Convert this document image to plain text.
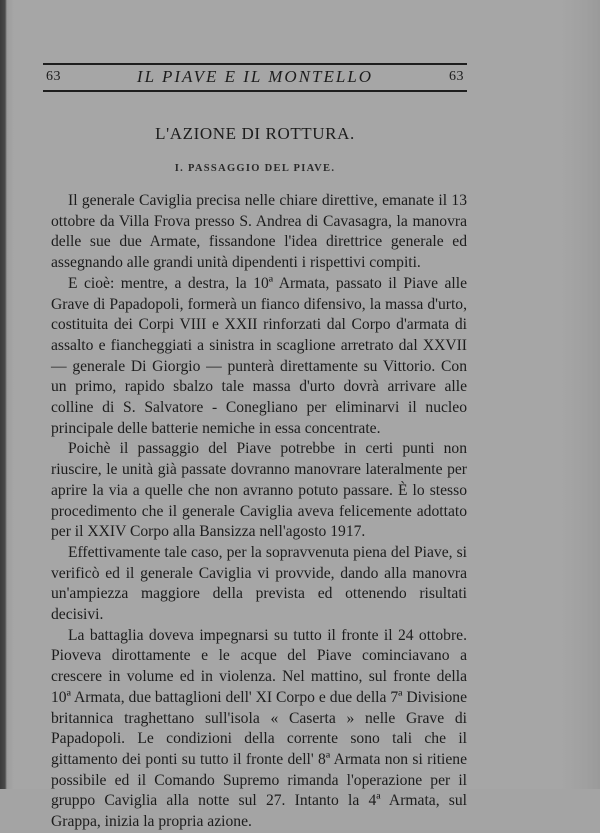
63	IL PIAVE E IL MONTELLO	63
L'AZIONE DI ROTTURA.
I. PASSAGGIO DEL PIAVE.

Il generale Caviglia precisa nelle chiare direttive, emanate il 13 ottobre da Villa Frova presso S. Andrea di Cavasagra, la manovra delle sue due Armate, fissandone l'idea direttrice generale ed assegnando alle grandi unità dipendenti i rispettivi compiti.

E cioè: mentre, a destra, la 10ª Armata, passato il Piave alle Grave di Papadopoli, formerà un fianco difensivo, la massa d'urto, costituita dei Corpi VIII e XXII rinforzati dal Corpo d'armata di assalto e fiancheggiati a sinistra in scaglione arretrato dal XXVII — generale Di Giorgio — punterà direttamente su Vittorio. Con un primo, rapido sbalzo tale massa d'urto dovrà arrivare alle colline di S. Salvatore - Conegliano per eliminarvi il nucleo principale delle batterie nemiche in essa concentrate.

Poichè il passaggio del Piave potrebbe in certi punti non riuscire, le unità già passate dovranno manovrare lateralmente per aprire la via a quelle che non avranno potuto passare. È lo stesso procedimento che il generale Caviglia aveva felicemente adottato per il XXIV Corpo alla Bansizza nell'agosto 1917.

Effettivamente tale caso, per la sopravvenuta piena del Piave, si verificò ed il generale Caviglia vi provvide, dando alla manovra un'ampiezza maggiore della prevista ed ottenendo risultati decisivi.

La battaglia doveva impegnarsi su tutto il fronte il 24 ottobre. Pioveva dirottamente e le acque del Piave cominciavano a crescere in volume ed in violenza. Nel mattino, sul fronte della 10ª Armata, due battaglioni dell' XI Corpo e due della 7ª Divisione britannica traghettano sull'isola « Caserta » nelle Grave di Papadopoli. Le condizioni della corrente sono tali che il gittamento dei ponti su tutto il fronte dell' 8ª Armata non si ritiene possibile ed il Comando Supremo rimanda l'operazione per il gruppo Caviglia alla notte sul 27. Intanto la 4ª Armata, sul Grappa, inizia la propria azione.
